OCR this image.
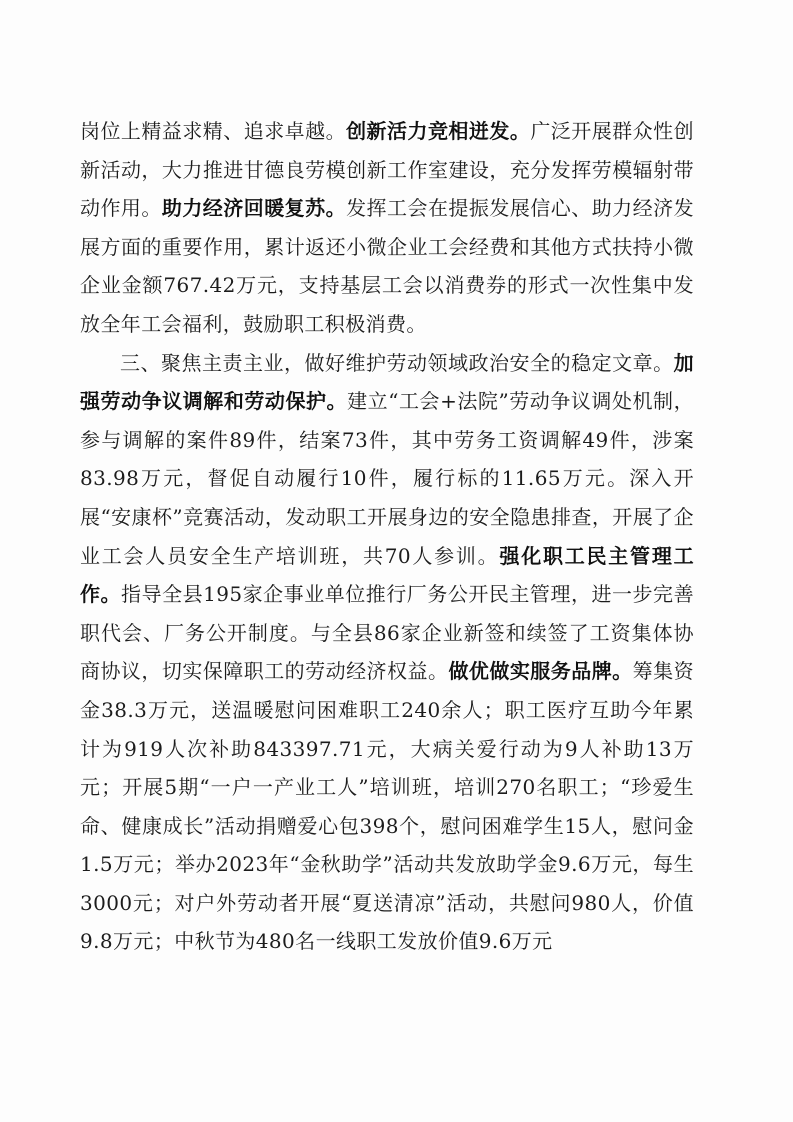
岗位上精益求精、追求卓越。创新活力竞相迸发。广泛开展群众性创新活动，大力推进甘德良劳模创新工作室建设，充分发挥劳模辐射带动作用。助力经济回暖复苏。发挥工会在提振发展信心、助力经济发展方面的重要作用，累计返还小微企业工会经费和其他方式扶持小微企业金额767.42万元，支持基层工会以消费券的形式一次性集中发放全年工会福利，鼓励职工积极消费。

三、聚焦主责主业，做好维护劳动领域政治安全的稳定文章。加强劳动争议调解和劳动保护。建立“工会+法院”劳动争议调处机制，参与调解的案件89件，结案73件，其中劳务工资调解49件，涉案83.98万元，督促自动履行10件，履行标的11.65万元。深入开展“安康杯”竞赛活动，发动职工开展身边的安全隐患排查，开展了企业工会人员安全生产培训班，共70人参训。强化职工民主管理工作。指导全县195家企事业单位推行厂务公开民主管理，进一步完善职代会、厂务公开制度。与全县86家企业新签和续签了工资集体协商协议，切实保障职工的劳动经济权益。做优做实服务品牌。筹集资金38.3万元，送温暖慰问困难职工240余人；职工医疗互助今年累计为919人次补助843397.71元，大病关爱行动为9人补助13万元；开展5期“一户一产业工人”培训班，培训270名职工；“珍爱生命、健康成长”活动捐赠爱心包398个，慰问困难学生15人，慰问金1.5万元；举办2023年“金秋助学”活动共发放助学金9.6万元，每生3000元；对户外劳动者开展“夏送清凉”活动，共慰问980人，价值9.8万元；中秋节为480名一线职工发放价值9.6万元
